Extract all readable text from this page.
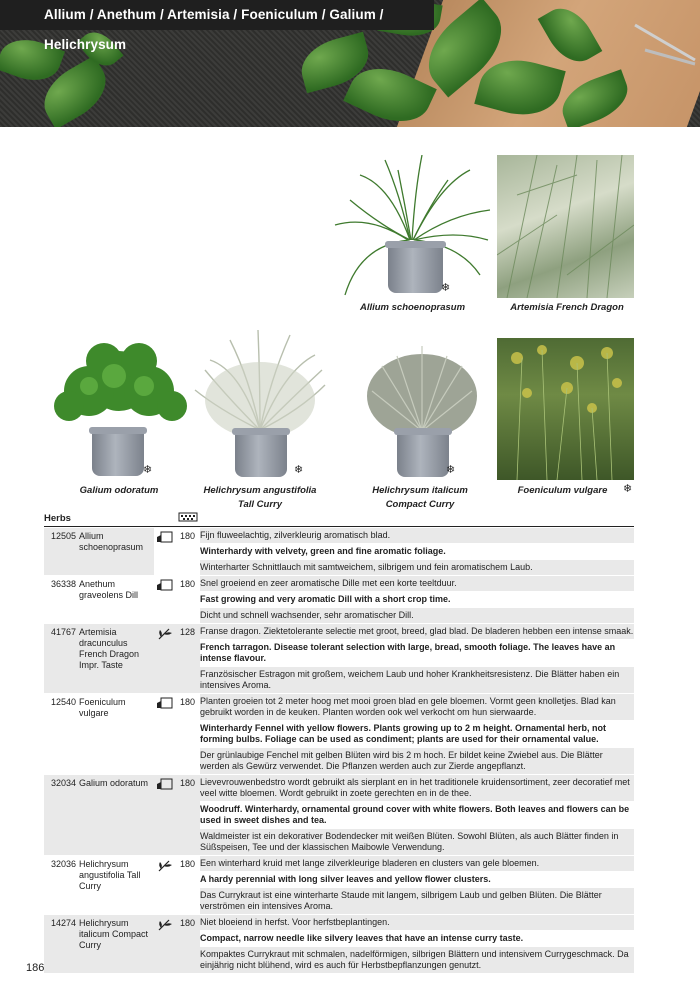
Allium / Anethum / Artemisia / Foeniculum / Galium / Helichrysum
❄
Allium schoenoprasum	Artemisia French Dragon
❄
Galium odoratum
❄
Helichrysum angustifolia
Tall Curry
❄
Helichrysum italicum
Compact Curry
Foeniculum vulgare	❄
Herbs
12505 Allium schoenoprasum
180 Fijn fluweelachtig, zilverkleurig aromatisch blad.

Winterhardy with velvety, green and fine aromatic foliage.

Winterharter Schnittlauch mit samtweichem, silbrigem und fein aromatischem Laub.

36338 Anethum graveolens Dill
180 Snel groeiend en zeer aromatische Dille met een korte teeltduur.

Fast growing and very aromatic Dill with a short crop time.

Dicht und schnell wachsender, sehr aromatischer Dill.

41767 Artemisia dracunculus French Dragon Impr. Taste
128 Franse dragon. Ziektetolerante selectie met groot, breed, glad blad. De bladeren hebben een intense smaak.

French tarragon. Disease tolerant selection with large, bread, smooth foliage. The leaves have an intense flavour.

Französischer Estragon mit großem, weichem Laub und hoher Krankheitsresistenz. Die Blätter haben ein intensives Aroma.

12540 Foeniculum vulgare
180 Planten groeien tot 2 meter hoog met mooi groen blad en gele bloemen. Vormt geen knolletjes. Blad kan gebruikt worden in de keuken. Planten worden ook wel verkocht om hun sierwaarde.

Winterhardy Fennel with yellow flowers. Plants growing up to 2 m height. Ornamental herb, not forming bulbs. Foliage can be used as condiment; plants are used for their ornamental value.

Der grünlaubige Fenchel mit gelben Blüten wird bis 2 m hoch. Er bildet keine Zwiebel aus. Die Blätter werden als Gewürz verwendet. Die Pflanzen werden auch zur Zierde angepflanzt.

32034 Galium odoratum	180 Lievevrouwenbedstro wordt gebruikt als sierplant en in het traditionele kruidensortiment, zeer decoratief met veel witte bloemen. Wordt gebruikt in zoete gerechten en in de thee.

Woodruff. Winterhardy, ornamental ground cover with white flowers. Both leaves and flowers can be used in sweet dishes and tea.

Waldmeister ist ein dekorativer Bodendecker mit weißen Blüten. Sowohl Blüten, als auch Blätter finden in Süßspeisen, Tee und der klassischen Maibowle Verwendung.

32036 Helichrysum angustifolia Tall Curry
180 Een winterhard kruid met lange zilverkleurige bladeren en clusters van gele bloemen.

A hardy perennial with long silver leaves and yellow flower clusters.

Das Currykraut ist eine winterharte Staude mit langem, silbrigem Laub und gelben Blüten. Die Blätter verströmen ein intensives Aroma.

14274 Helichrysum italicum Compact Curry
180 Niet bloeiend in herfst. Voor herfstbeplantingen.

Compact, narrow needle like silvery leaves that have an intense curry taste.

Kompaktes Currykraut mit schmalen, nadelförmigen, silbrigen Blättern und intensivem Currygeschmack. Da einjährig nicht blühend, wird es auch für Herbstbepflanzungen genutzt.

186
